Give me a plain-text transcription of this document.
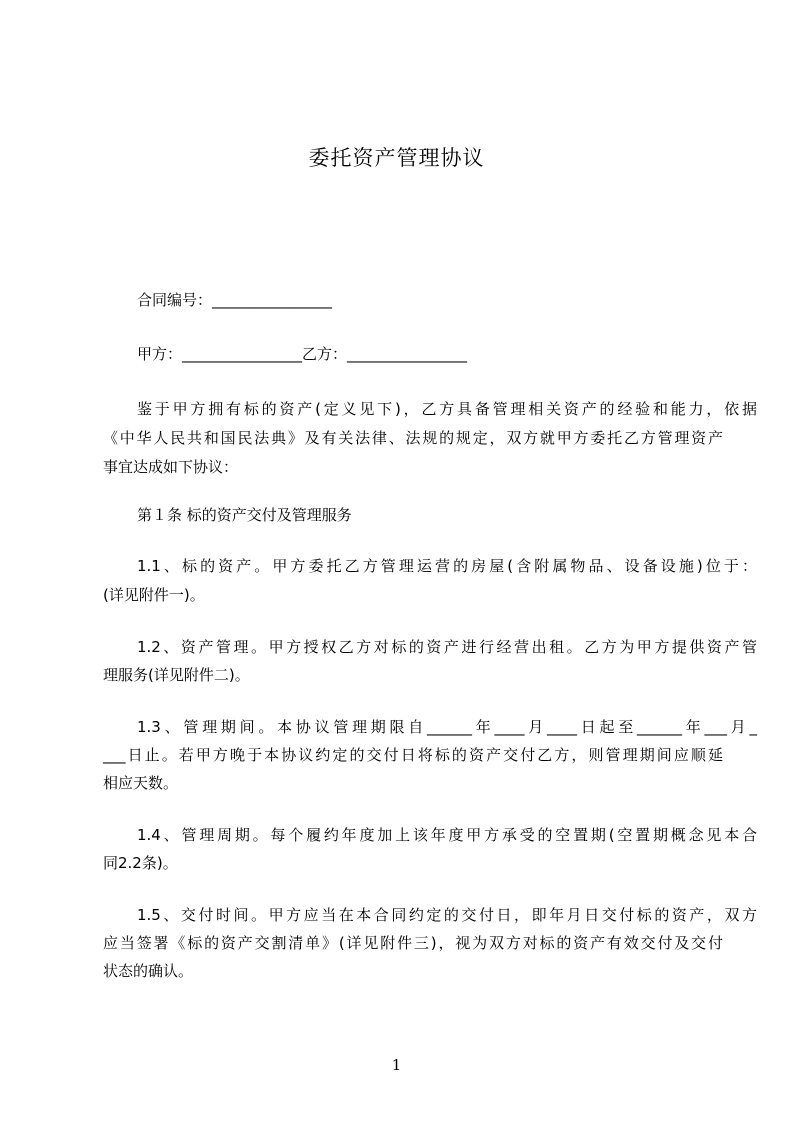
委托资产管理协议
合同编号：________________
甲方：________________乙方：________________
鉴于甲方拥有标的资产(定义见下)，乙方具备管理相关资产的经验和能力，依据
《中华人民共和国民法典》及有关法律、法规的规定，双方就甲方委托乙方管理资产
事宜达成如下协议：
第１条 标的资产交付及管理服务
1.1、标的资产。甲方委托乙方管理运营的房屋(含附属物品、设备设施)位于：
(详见附件一)。
1.2、资产管理。甲方授权乙方对标的资产进行经营出租。乙方为甲方提供资产管
理服务(详见附件二)。
1.3、管理期间。本协议管理期限自______年____月____日起至______年___月_
___日止。若甲方晚于本协议约定的交付日将标的资产交付乙方，则管理期间应顺延
相应天数。
1.4、管理周期。每个履约年度加上该年度甲方承受的空置期(空置期概念见本合
同2.2条)。
1.5、交付时间。甲方应当在本合同约定的交付日，即年月日交付标的资产，双方
应当签署《标的资产交割清单》(详见附件三)，视为双方对标的资产有效交付及交付
状态的确认。
1
